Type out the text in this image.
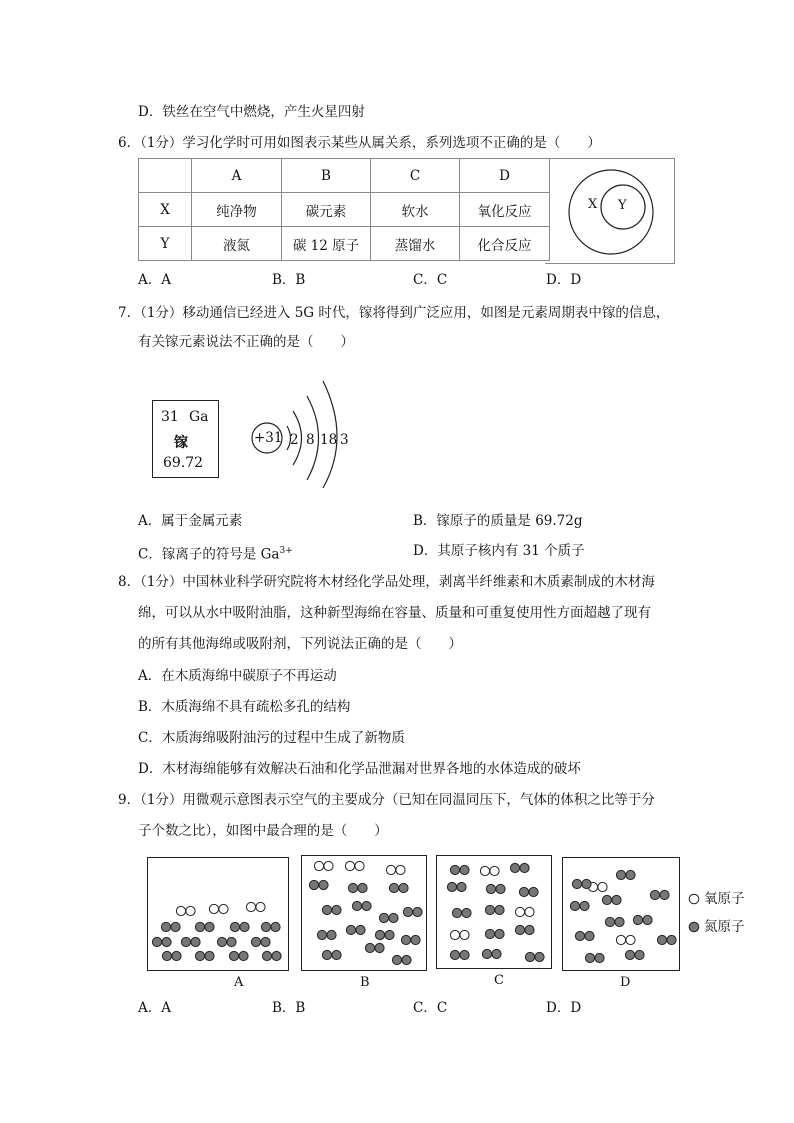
D．铁丝在空气中燃烧，产生火星四射
6．（1分）学习化学时可用如图表示某些从属关系，系列选项不正确的是（　　）
	A	B	C	D
X	纯净物	碳元素	软水	氧化反应
Y	液氮	碳 12 原子	蒸馏水	化合反应
X Y
A．A	B．B	C．C	D．D
7．（1分）移动通信已经进入 5G 时代，镓将得到广泛应用，如图是元素周期表中镓的信息，
有关镓元素说法不正确的是（　　）
31 Ga
镓
69.72
+31 2 8 18 3
A．属于金属元素	B．镓原子的质量是 69.72g
C．镓离子的符号是 $Ga^{3+}$	D．其原子核内有 31 个质子
8．（1分）中国林业科学研究院将木材经化学品处理，剥离半纤维素和木质素制成的木材海
绵，可以从水中吸附油脂，这种新型海绵在容量、质量和可重复使用性方面超越了现有
的所有其他海绵或吸附剂，下列说法正确的是（　　）
A．在木质海绵中碳原子不再运动
B．木质海绵不具有疏松多孔的结构
C．木质海绵吸附油污的过程中生成了新物质
D．木材海绵能够有效解决石油和化学品泄漏对世界各地的水体造成的破坏
9．（1分）用微观示意图表示空气的主要成分（已知在同温同压下，气体的体积之比等于分
子个数之比），如图中最合理的是（　　）
A	B	C	D
氧原子
氮原子
A．A	B．B	C．C	D．D
